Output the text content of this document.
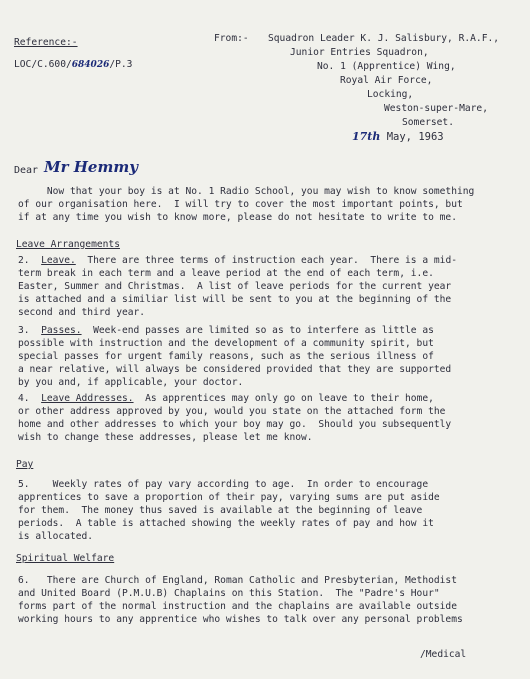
Reference:-
LOC/C.600/684026/P.3
From:- Squadron Leader K. J. Salisbury, R.A.F.,
Junior Entries Squadron,
No. 1 (Apprentice) Wing,
Royal Air Force,
Locking,
Weston-super-Mare,
Somerset.
17th May, 1963
Dear Mr Hemmy

Now that your boy is at No. 1 Radio School, you may wish to know something

of our organisation here.  I will try to cover the most important points, but

if at any time you wish to know more, please do not hesitate to write to me.

Leave Arrangements

2. Leave. There are three terms of instruction each year.  There is a mid-

term break in each term and a leave period at the end of each term, i.e.

Easter, Summer and Christmas.  A list of leave periods for the current year

is attached and a similiar list will be sent to you at the beginning of the

second and third year.

3. Passes. Week-end passes are limited so as to interfere as little as

possible with instruction and the development of a community spirit, but

special passes for urgent family reasons, such as the serious illness of

a near relative, will always be considered provided that they are supported

by you and, if applicable, your doctor.

4. Leave Addresses. As apprentices may only go on leave to their home,

or other address approved by you, would you state on the attached form the

home and other addresses to which your boy may go.  Should you subsequently

wish to change these addresses, please let me know.

Pay

5. Weekly rates of pay vary according to age.  In order to encourage

apprentices to save a proportion of their pay, varying sums are put aside

for them.  The money thus saved is available at the beginning of leave

periods.  A table is attached showing the weekly rates of pay and how it

is allocated.

Spiritual Welfare

6. There are Church of England, Roman Catholic and Presbyterian, Methodist

and United Board (P.M.U.B) Chaplains on this Station.  The "Padre's Hour"

forms part of the normal instruction and the chaplains are available outside

working hours to any apprentice who wishes to talk over any personal problems

/Medical
